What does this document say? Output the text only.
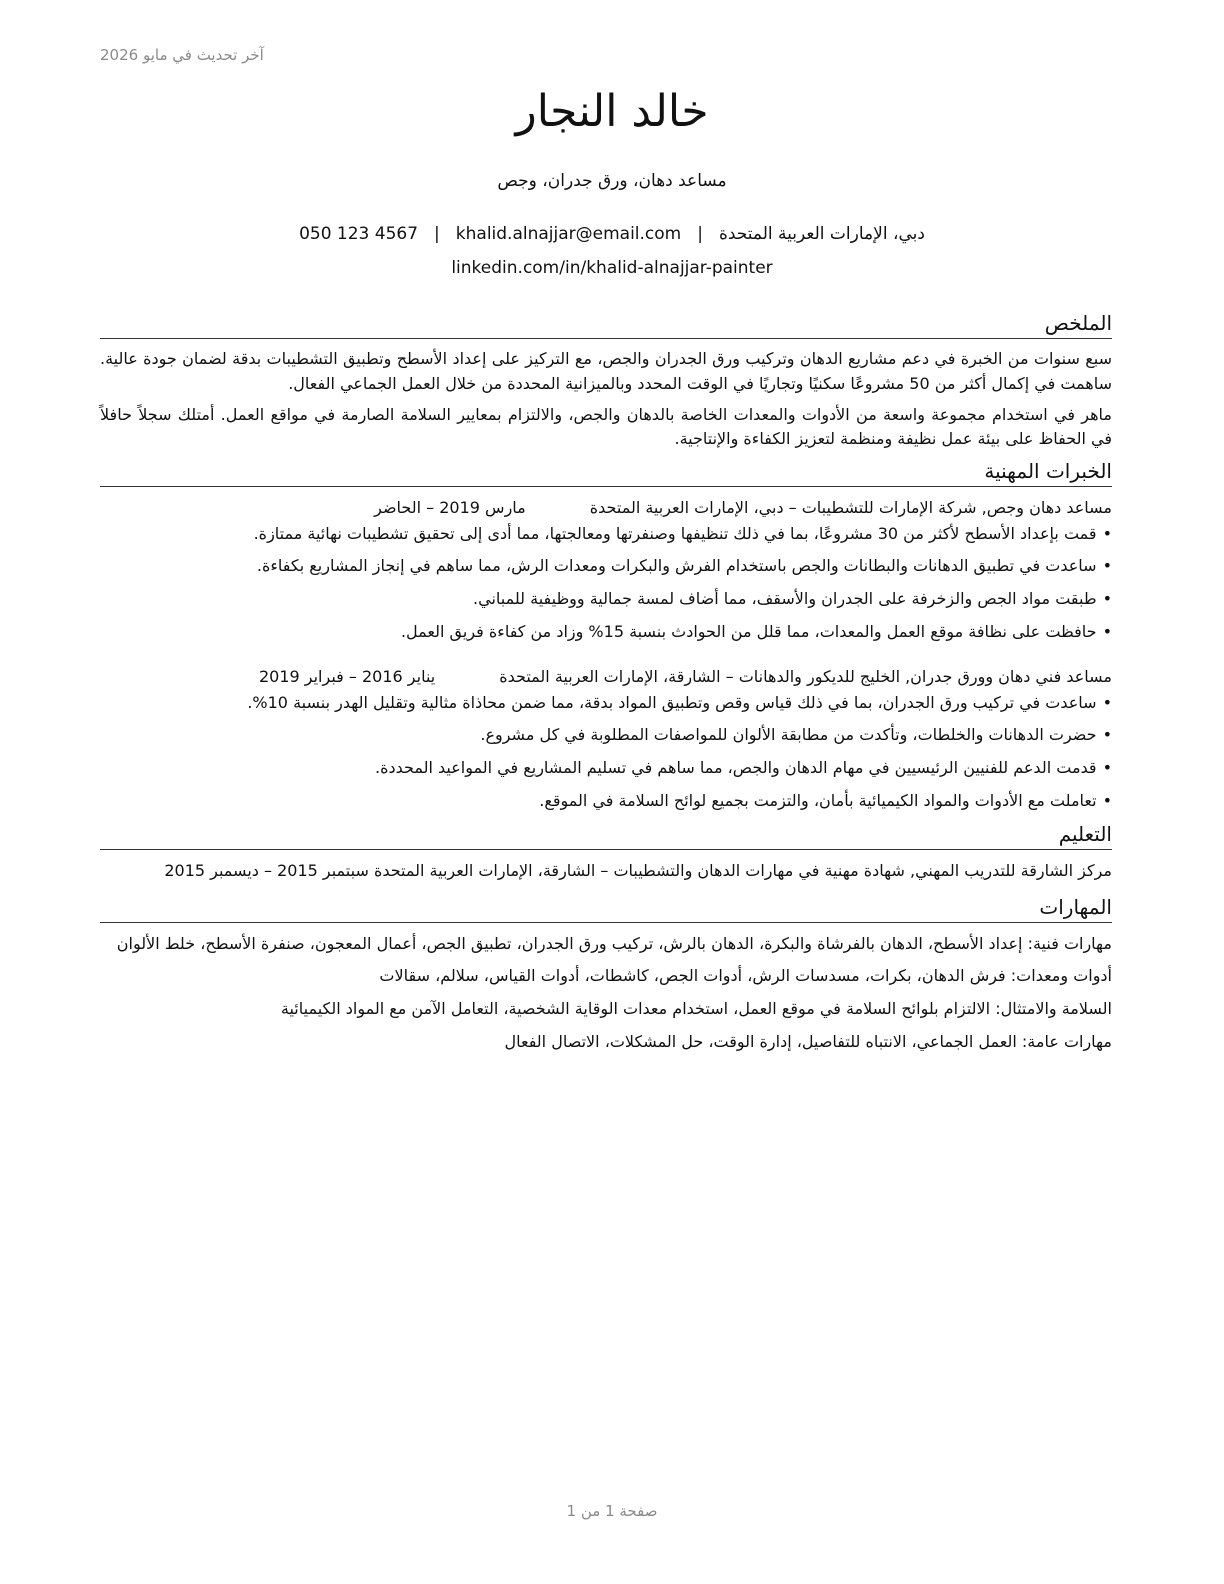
آخر تحديث في مايو 2026
خالد النجار
مساعد دهان، ورق جدران، وجص
دبي، الإمارات العربية المتحدة|khalid.alnajjar@email.com|050 123 4567
linkedin.com/in/khalid-alnajjar-painter
الملخص

سبع سنوات من الخبرة في دعم مشاريع الدهان وتركيب ورق الجدران والجص، مع التركيز على إعداد الأسطح وتطبيق التشطيبات بدقة لضمان جودة عالية. ساهمت في إكمال أكثر من 50 مشروعًا سكنيًا وتجاريًا في الوقت المحدد وبالميزانية المحددة من خلال العمل الجماعي الفعال.

ماهر في استخدام مجموعة واسعة من الأدوات والمعدات الخاصة بالدهان والجص، والالتزام بمعايير السلامة الصارمة في مواقع العمل. أمتلك سجلاً حافلاً في الحفاظ على بيئة عمل نظيفة ومنظمة لتعزيز الكفاءة والإنتاجية.

الخبرات المهنية
مساعد دهان وجص, شركة الإمارات للتشطيبات – دبي، الإمارات العربية المتحدة
مارس 2019 – الحاضر
•قمت بإعداد الأسطح لأكثر من 30 مشروعًا، بما في ذلك تنظيفها وصنفرتها ومعالجتها، مما أدى إلى تحقيق تشطيبات نهائية ممتازة.
•ساعدت في تطبيق الدهانات والبطانات والجص باستخدام الفرش والبكرات ومعدات الرش، مما ساهم في إنجاز المشاريع بكفاءة.
•طبقت مواد الجص والزخرفة على الجدران والأسقف، مما أضاف لمسة جمالية ووظيفية للمباني.
•حافظت على نظافة موقع العمل والمعدات، مما قلل من الحوادث بنسبة 15% وزاد من كفاءة فريق العمل.
مساعد فني دهان وورق جدران, الخليج للديكور والدهانات – الشارقة، الإمارات العربية المتحدة
يناير 2016 – فبراير 2019
•ساعدت في تركيب ورق الجدران، بما في ذلك قياس وقص وتطبيق المواد بدقة، مما ضمن محاذاة مثالية وتقليل الهدر بنسبة 10%.
•حضرت الدهانات والخلطات، وتأكدت من مطابقة الألوان للمواصفات المطلوبة في كل مشروع.
•قدمت الدعم للفنيين الرئيسيين في مهام الدهان والجص، مما ساهم في تسليم المشاريع في المواعيد المحددة.
•تعاملت مع الأدوات والمواد الكيميائية بأمان، والتزمت بجميع لوائح السلامة في الموقع.
التعليم
مركز الشارقة للتدريب المهني, شهادة مهنية في مهارات الدهان والتشطيبات – الشارقة، الإمارات العربية المتحدة سبتمبر 2015 – ديسمبر 2015
المهارات
مهارات فنية: إعداد الأسطح، الدهان بالفرشاة والبكرة، الدهان بالرش، تركيب ورق الجدران، تطبيق الجص، أعمال المعجون، صنفرة الأسطح، خلط الألوان
أدوات ومعدات: فرش الدهان، بكرات، مسدسات الرش، أدوات الجص، كاشطات، أدوات القياس، سلالم، سقالات
السلامة والامتثال: الالتزام بلوائح السلامة في موقع العمل، استخدام معدات الوقاية الشخصية، التعامل الآمن مع المواد الكيميائية
مهارات عامة: العمل الجماعي، الانتباه للتفاصيل، إدارة الوقت، حل المشكلات، الاتصال الفعال
صفحة 1 من 1
